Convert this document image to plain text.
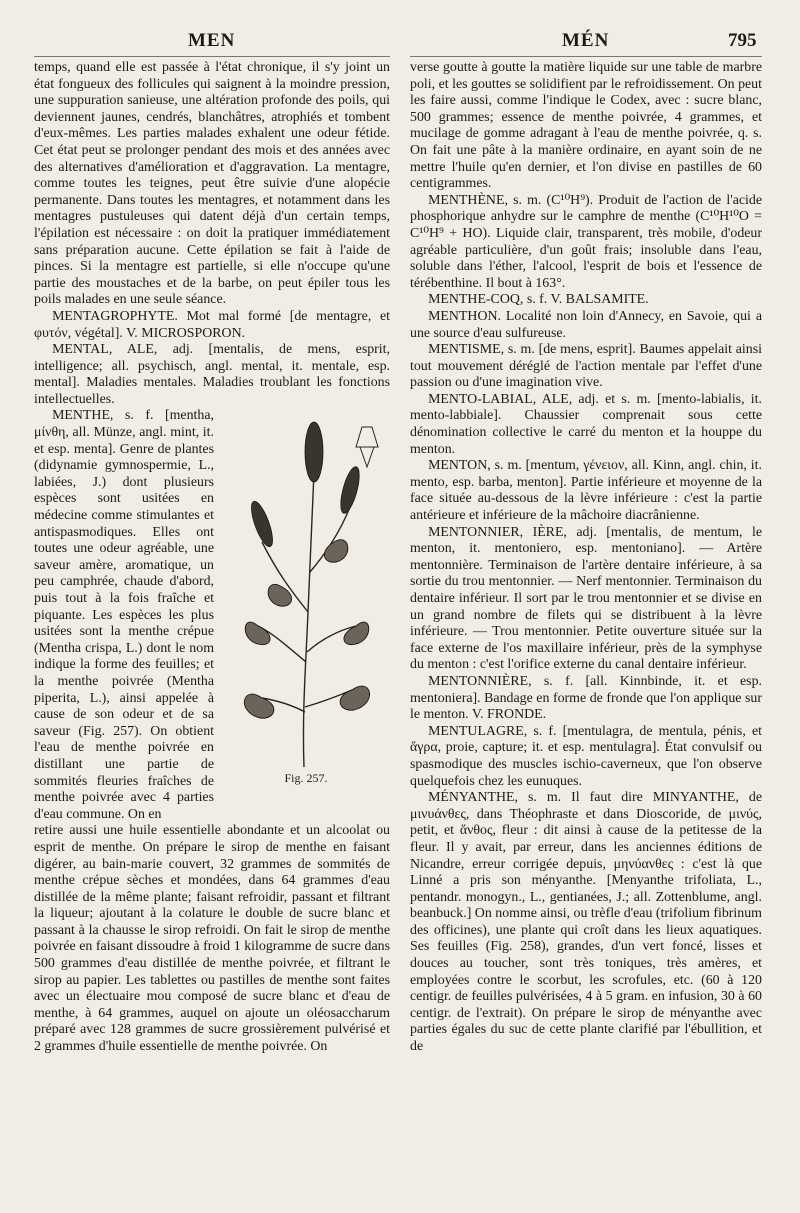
MEN	MÉN	795

temps, quand elle est passée à l'état chronique, il s'y joint un état fongueux des follicules qui saignent à la moindre pression, une suppuration sanieuse, une altération profonde des poils, qui deviennent jaunes, cendrés, blanchâtres, atrophiés et tombent d'eux-mêmes. Les parties malades exhalent une odeur fétide. Cet état peut se prolonger pendant des mois et des années avec des alternatives d'amélioration et d'aggravation. La mentagre, comme toutes les teignes, peut être suivie d'une alopécie permanente. Dans toutes les mentagres, et notamment dans les mentagres pustuleuses qui datent déjà d'un certain temps, l'épilation est nécessaire : on doit la pratiquer immédiatement sans préparation aucune. Cette épilation se fait à l'aide de pinces. Si la mentagre est partielle, si elle n'occupe qu'une partie des moustaches et de la barbe, on peut épiler tous les poils malades en une seule séance.

MENTAGROPHYTE. Mot mal formé [de mentagre, et φυτόν, végétal]. V. MICROSPORON.

MENTAL, ALE, adj. [mentalis, de mens, esprit, intelligence; all. psychisch, angl. mental, it. mentale, esp. mental]. Maladies mentales. Maladies troublant les fonctions intellectuelles.

Fig. 257.

MENTHE, s. f. [mentha, μίνθη, all. Münze, angl. mint, it. et esp. menta]. Genre de plantes (didynamie gymnospermie, L., labiées, J.) dont plusieurs espèces sont usitées en médecine comme stimulantes et antispasmodiques. Elles ont toutes une odeur agréable, une saveur amère, aromatique, un peu camphrée, chaude d'abord, puis tout à la fois fraîche et piquante. Les espèces les plus usitées sont la menthe crépue (Mentha crispa, L.) dont le nom indique la forme des feuilles; et la menthe poivrée (Mentha piperita, L.), ainsi appelée à cause de son odeur et de sa saveur (Fig. 257). On obtient l'eau de menthe poivrée en distillant une partie de sommités fleuries fraîches de menthe poivrée avec 4 parties d'eau commune. On en

retire aussi une huile essentielle abondante et un alcoolat ou esprit de menthe. On prépare le sirop de menthe en faisant digérer, au bain-marie couvert, 32 grammes de sommités de menthe crépue sèches et mondées, dans 64 grammes d'eau distillée de la même plante; faisant refroidir, passant et filtrant la liqueur; ajoutant à la colature le double de sucre blanc et passant à la chausse le sirop refroidi. On fait le sirop de menthe poivrée en faisant dissoudre à froid 1 kilogramme de sucre dans 500 grammes d'eau distillée de menthe poivrée, et filtrant le sirop au papier. Les tablettes ou pastilles de menthe sont faites avec un électuaire mou composé de sucre blanc et d'eau de menthe, à 64 grammes, auquel on ajoute un oléosaccharum préparé avec 128 grammes de sucre grossièrement pulvérisé et 2 grammes d'huile essentielle de menthe poivrée. On

verse goutte à goutte la matière liquide sur une table de marbre poli, et les gouttes se solidifient par le refroidissement. On peut les faire aussi, comme l'indique le Codex, avec : sucre blanc, 500 grammes; essence de menthe poivrée, 4 grammes, et mucilage de gomme adragant à l'eau de menthe poivrée, q. s. On fait une pâte à la manière ordinaire, en ayant soin de ne mettre l'huile qu'en dernier, et l'on divise en pastilles de 60 centigrammes.

MENTHÈNE, s. m. (C¹⁰H⁹). Produit de l'action de l'acide phosphorique anhydre sur le camphre de menthe (C¹⁰H¹⁰O = C¹⁰H⁹ + HO). Liquide clair, transparent, très mobile, d'odeur agréable particulière, d'un goût frais; insoluble dans l'eau, soluble dans l'éther, l'alcool, l'esprit de bois et l'essence de térébenthine. Il bout à 163°.

MENTHE-COQ, s. f. V. BALSAMITE.

MENTHON. Localité non loin d'Annecy, en Savoie, qui a une source d'eau sulfureuse.

MENTISME, s. m. [de mens, esprit]. Baumes appelait ainsi tout mouvement déréglé de l'action mentale par l'effet d'une passion ou d'une imagination vive.

MENTO-LABIAL, ALE, adj. et s. m. [mento-labialis, it. mento-labbiale]. Chaussier comprenait sous cette dénomination collective le carré du menton et la houppe du menton.

MENTON, s. m. [mentum, γένειον, all. Kinn, angl. chin, it. mento, esp. barba, menton]. Partie inférieure et moyenne de la face située au-dessous de la lèvre inférieure : c'est la partie antérieure et inférieure de la mâchoire diacrânienne.

MENTONNIER, IÈRE, adj. [mentalis, de mentum, le menton, it. mentoniero, esp. mentoniano]. — Artère mentonnière. Terminaison de l'artère dentaire inférieure, à sa sortie du trou mentonnier. — Nerf mentonnier. Terminaison du dentaire inférieur. Il sort par le trou mentonnier et se divise en un grand nombre de filets qui se distribuent à la lèvre inférieure. — Trou mentonnier. Petite ouverture située sur la face externe de l'os maxillaire inférieur, près de la symphyse du menton : c'est l'orifice externe du canal dentaire inférieur.

MENTONNIÈRE, s. f. [all. Kinnbinde, it. et esp. mentoniera]. Bandage en forme de fronde que l'on applique sur le menton. V. FRONDE.

MENTULAGRE, s. f. [mentulagra, de mentula, pénis, et ἄγρα, proie, capture; it. et esp. mentulagra]. État convulsif ou spasmodique des muscles ischio-caverneux, que l'on observe quelquefois chez les eunuques.

MÉNYANTHE, s. m. Il faut dire MINYANTHE, de μινυάνθες, dans Théophraste et dans Dioscoride, de μινύς, petit, et ἄνθος, fleur : dit ainsi à cause de la petitesse de la fleur. Il y avait, par erreur, dans les anciennes éditions de Nicandre, erreur corrigée depuis, μηνύανθες : c'est là que Linné a pris son ményanthe. [Menyanthe trifoliata, L., pentandr. monogyn., L., gentianées, J.; all. Zottenblume, angl. beanbuck.] On nomme ainsi, ou trèfle d'eau (trifolium fibrinum des officines), une plante qui croît dans les lieux aquatiques. Ses feuilles (Fig. 258), grandes, d'un vert foncé, lisses et douces au toucher, sont très toniques, très amères, et employées contre le scorbut, les scrofules, etc. (60 à 120 centigr. de feuilles pulvérisées, 4 à 5 gram. en infusion, 30 à 60 centigr. de l'extrait). On prépare le sirop de ményanthe avec parties égales du suc de cette plante clarifié par l'ébullition, et de
